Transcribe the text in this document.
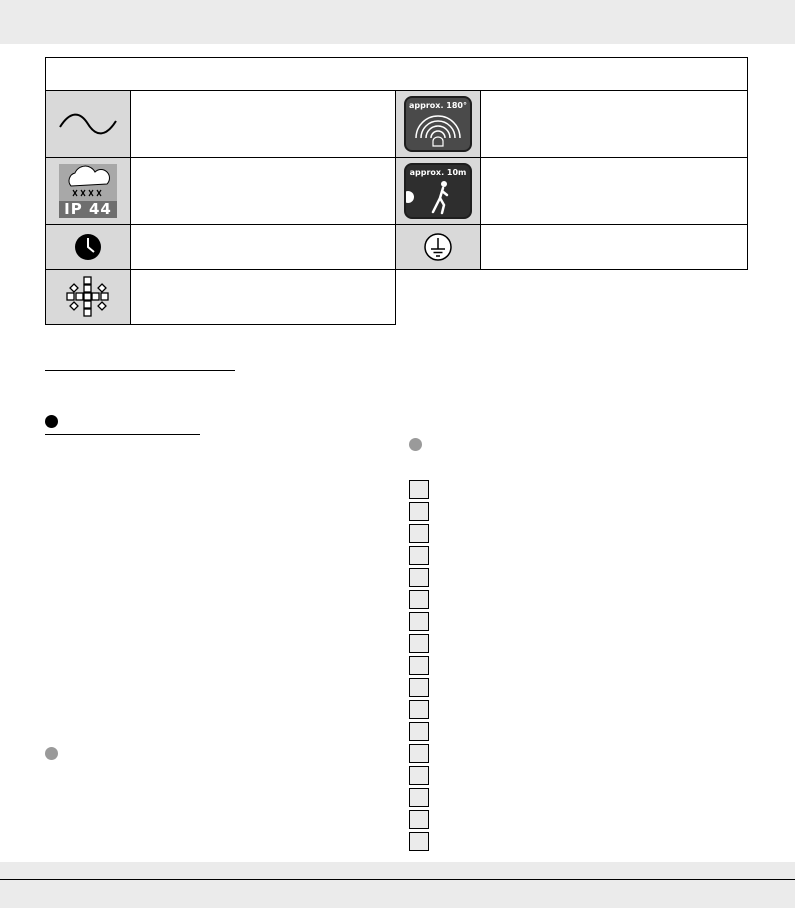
approx. 180°
IP 44
approx. 10m
